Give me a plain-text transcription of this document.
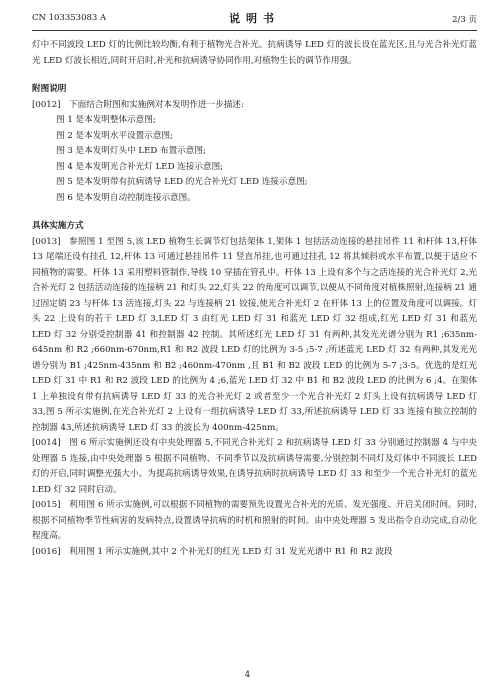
CN 103353083 A	说明书	2/3 页

灯中不同波段 LED 灯的比例比较均衡,有利于植物光合补光。抗病诱导 LED 灯的波长设在蓝光区,且与光合补光灯蓝光 LED 灯波长相近,同时开启时,补光和抗病诱导协同作用,对植物生长的调节作用强。

附图说明

[0012] 下面结合附图和实施例对本发明作进一步描述:

图 1 是本发明整体示意图;

图 2 是本发明水平设置示意图;

图 3 是本发明灯头中 LED 布置示意图;

图 4 是本发明光合补光灯 LED 连接示意图;

图 5 是本发明带有抗病诱导 LED 的光合补光灯 LED 连接示意图;

图 6 是本发明自动控制连接示意图。

具体实施方式

[0013] 参照图 1 至图 5,该 LED 植物生长调节灯包括架体 1,架体 1 包括活动连接的悬挂吊件 11 和杆体 13,杆体 13 尾端还设有挂孔 12,杆体 13 可通过悬挂吊件 11 竖直吊挂,也可通过挂孔 12 将其倾斜或水平布置,以便于适应不同植物的需要。杆体 13 采用塑料管制作,导线 10 穿插在管孔中。杆体 13 上设有多个与之活连接的光合补光灯 2,光合补光灯 2 包括活动连接的连接柄 21 和灯头 22,灯头 22 的角度可以调节,以便从不同角度对植株照射,连接柄 21 通过固定销 23 与杆体 13 活连接,灯头 22 与连接柄 21 铰接,使光合补光灯 2 在杆体 13 上的位置及角度可以调接。灯头 22 上设有的若干 LED 灯 3,LED 灯 3 由红光 LED 灯 31 和蓝光 LED 灯 32 组成,红光 LED 灯 31 和蓝光 LED 灯 32 分别受控制器 41 和控制器 42 控制。其所述红光 LED 灯 31 有两种,其发光光谱分别为 R1 ;635nm-645nm 和 R2 ;660nm-670nm,R1 和 R2 波段 LED 灯的比例为 3-5 ;5-7 ;所述蓝光 LED 灯 32 有两种,其发光光谱分别为 B1 ;425nm-435nm 和 B2 ;460nm-470nm ,且 B1 和 B2 波段 LED 的比例为 5-7 ;3-5。优选的是红光 LED 灯 31 中 R1 和 R2 波段 LED 的比例为 4 ;6,蓝光 LED 灯 32 中 B1 和 B2 波段 LED 的比例为 6 ;4。在架体 1 上单独设有带有抗病诱导 LED 灯 33 的光合补光灯 2 或者至少一个光合补光灯 2 灯头上设有抗病诱导 LED 灯 33,图 5 所示实施例,在光合补光灯 2 上设有一组抗病诱导 LED 灯 33,所述抗病诱导 LED 灯 33 连接有独立控制的控制器 43,所述抗病诱导 LED 灯 33 的波长为 400nm-425nm。

[0014] 图 6 所示实施例还设有中央处理器 5,不同光合补光灯 2 和抗病诱导 LED 灯 33 分别通过控制器 4 与中央处理器 5 连接,由中央处理器 5 根据不同植物、不同季节以及抗病诱导需要,分别控制不同灯及灯体中不同波长 LED 灯的开启,同时调整光强大小。为提高抗病诱导效果,在诱导抗病时抗病诱导 LED 灯 33 和至少一个光合补光灯的蓝光 LED 灯 32 同时启动。

[0015] 利用图 6 所示实施例,可以根据不同植物的需要预先设置光合补光的光质、发光强度、开启关闭时间。同时,根据不同植物季节性病害的发病特点,设置诱导抗病的时机和照射的时间。由中央处理器 5 发出指令自动完成,自动化程度高。

[0016] 利用图 1 所示实施例,其中 2 个补光灯的红光 LED 灯 31 发光光谱中 R1 和 R2 波段

4
